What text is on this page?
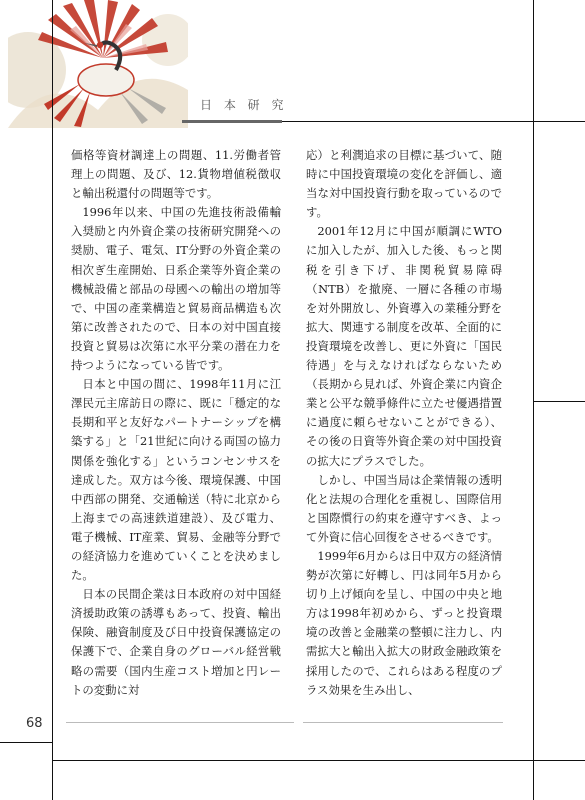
日 本 研 究
68

価格等資材調達上の問題、11.労働者管理上の問題、及び、12.貨物増値税徴収と輸出税還付の問題等です。

1996年以来、中国の先進技術設備輸入奨励と内外資企業の技術研究開発への奨励、電子、電気、IT分野の外資企業の相次ぎ生産開始、日系企業等外資企業の機械設備と部品の母國への輸出の増加等で、中国の產業構造と貿易商品構造も次第に改善されたので、日本の対中国直接投資と貿易は次第に水平分業の潜在力を持つようになっている皆です。

日本と中国の間に、1998年11月に江澤民元主席訪日の際に、既に「穩定的な長期和平と友好なパートナーシップを構築する」と「21世紀に向ける両国の協力関係を強化する」というコンセンサスを達成した。双方は今後、環境保護、中国中西部の開発、交通輸送（特に北京から上海までの高速鉄道建設）、及び電力、電子機械、IT産業、貿易、金融等分野での経済協力を進めていくことを決めました。

日本の民間企業は日本政府の対中国経済援助政策の誘導もあって、投資、輸出保険、融資制度及び日中投資保護協定の保護下で、企業自身のグローバル経営戦略の需要（国内生産コスト増加と円レートの変動に対

応）と利潤追求の目標に基づいて、随時に中国投資環境の変化を評価し、適当な対中国投資行動を取っているのです。

2001年12月に中国が順調にWTOに加入したが、加入した後、もっと関税を引き下げ、非関税貿易障碍（NTB）を撤廃、一層に各種の市場を対外開放し、外資導入の業種分野を拡大、関連する制度を改革、全面的に投資環境を改善し、更に外資に「国民待遇」を与えなければならないため（長期から見れば、外資企業に内資企業と公平な競爭條件に立たせ優遇措置に過度に頼らせないことができる）、その後の日資等外資企業の対中国投資の拡大にプラスでした。

しかし、中国当局は企業情報の透明化と法規の合理化を重視し、国際信用と国際慣行の約束を遵守すべき、よって外資に信心回復をさせるべきです。

1999年6月からは日中双方の経済情勢が次第に好轉し、円は同年5月から切り上げ傾向を呈し、中国の中央と地方は1998年初めから、ずっと投資環境の改善と金融業の整頓に注力し、内需拡大と輸出入拡大の財政金融政策を採用したので、これらはある程度のプラス効果を生み出し、
